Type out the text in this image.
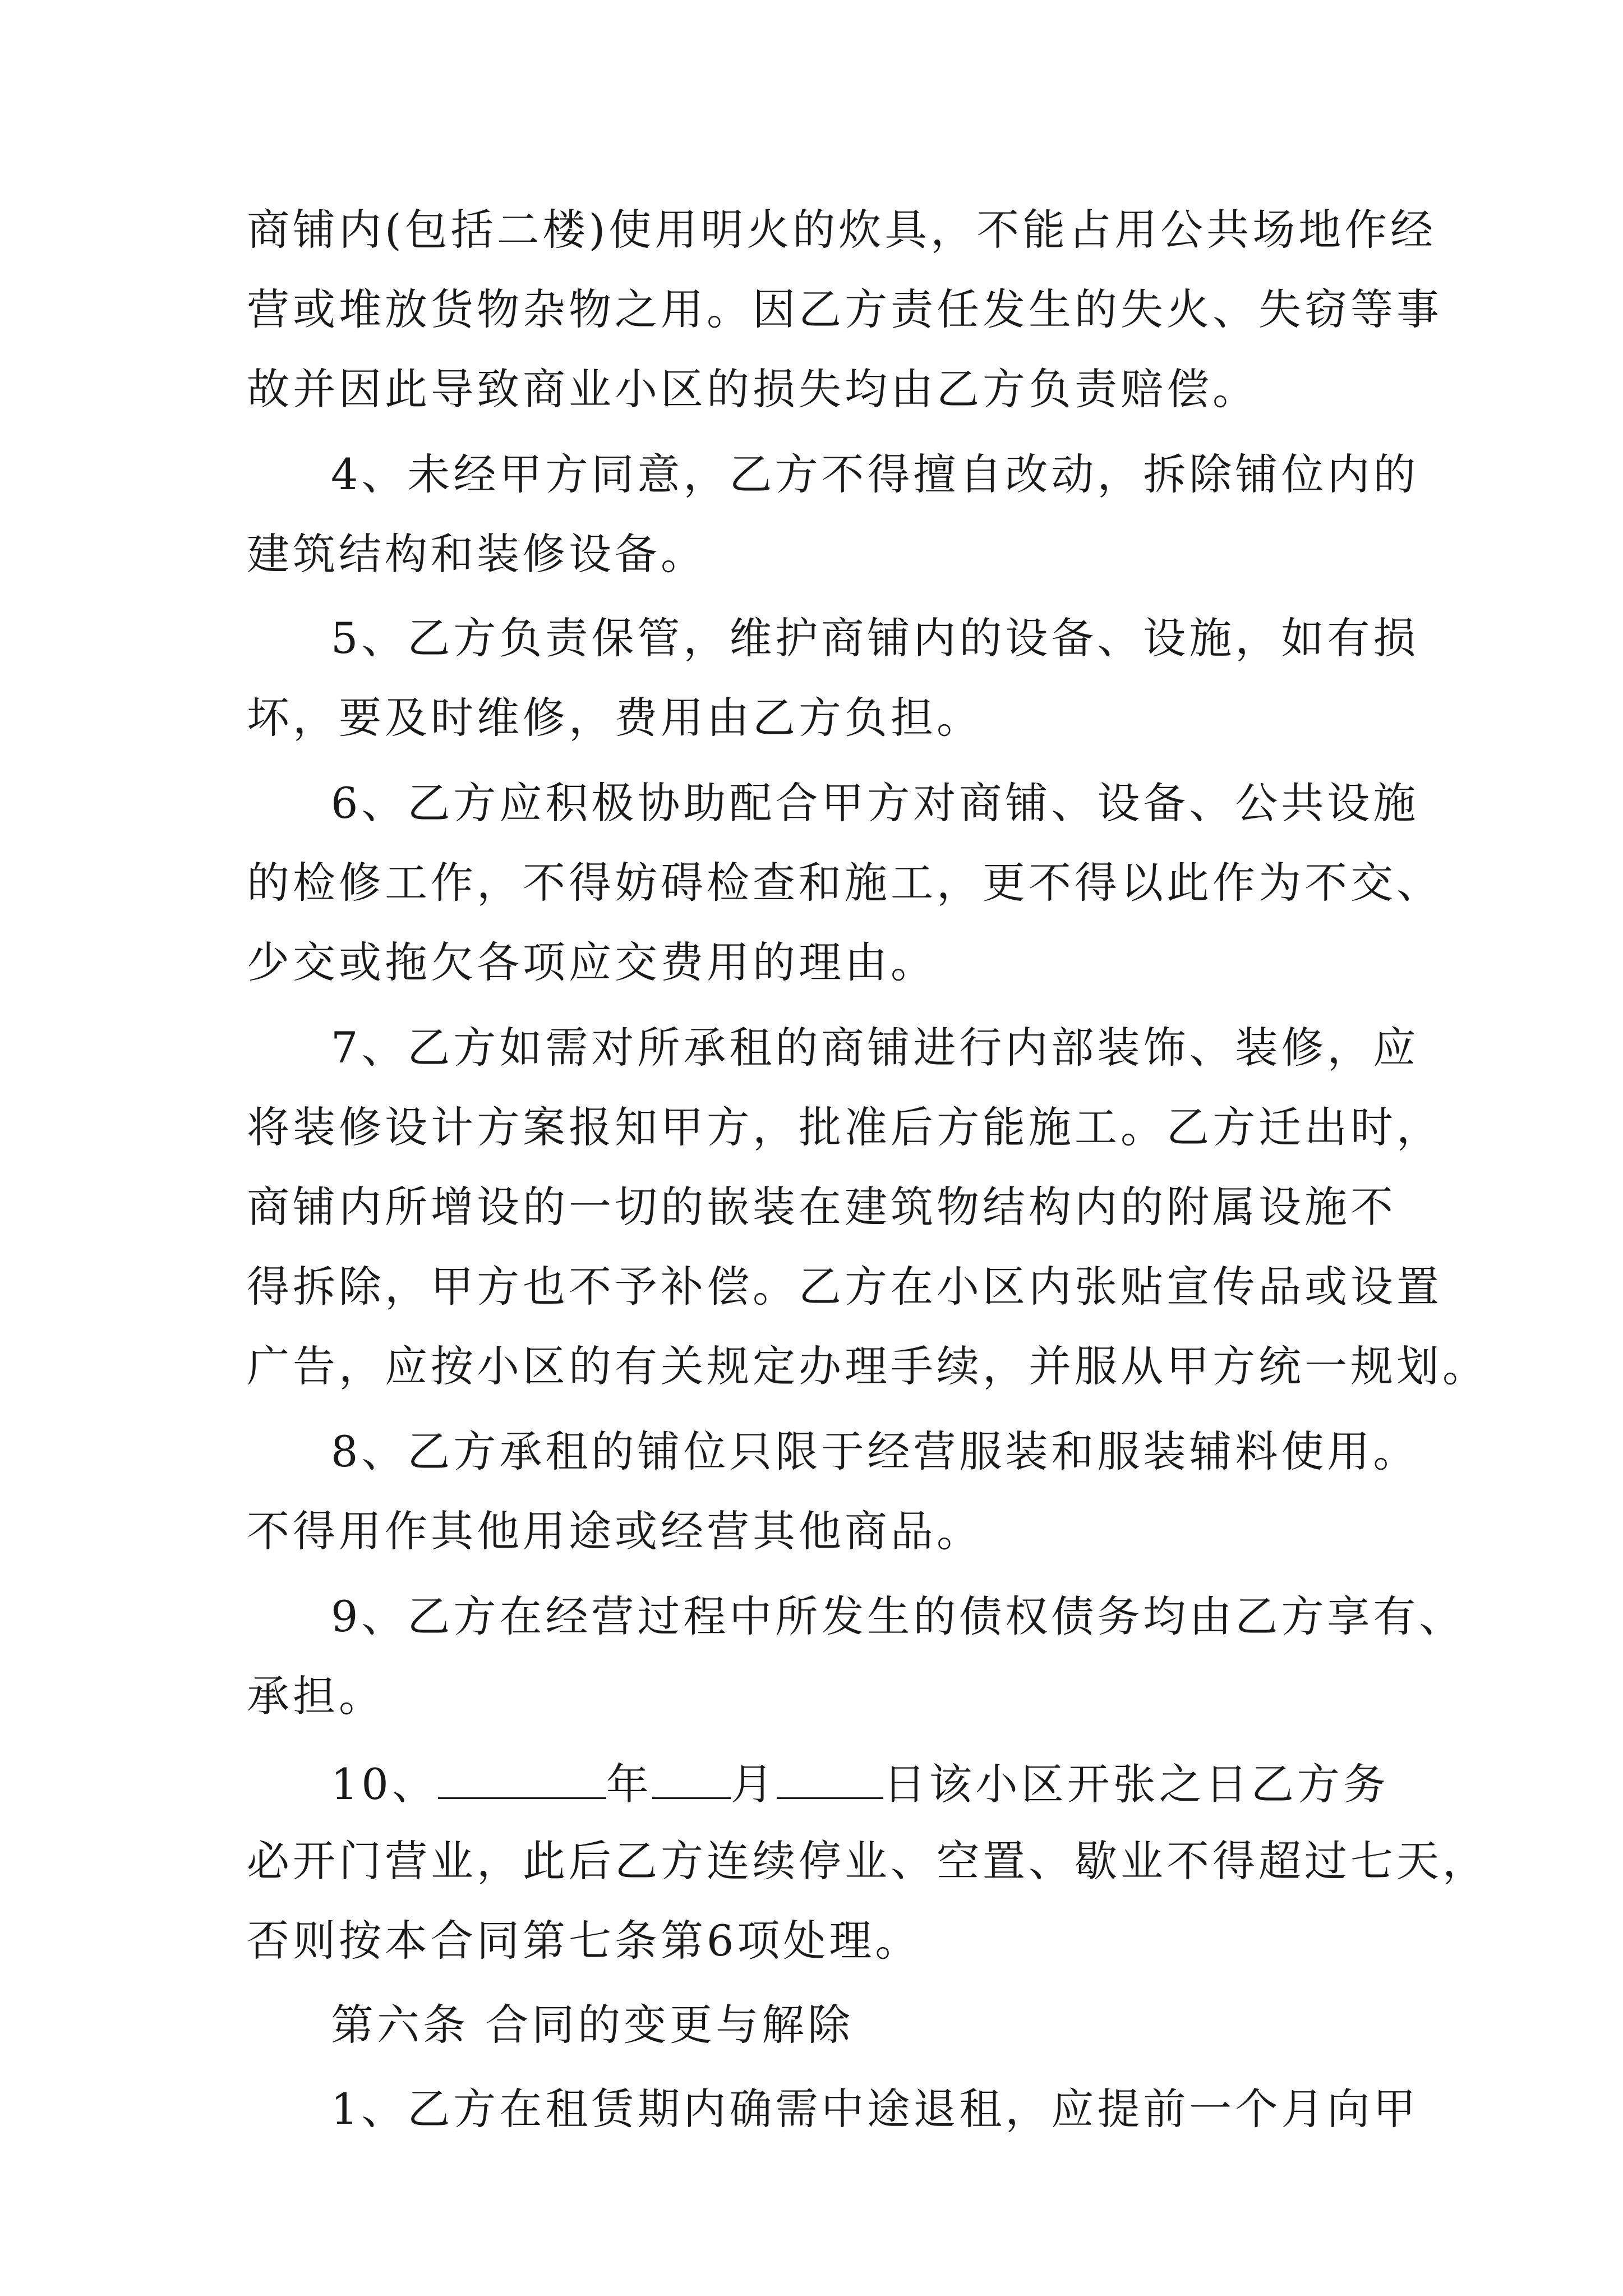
商铺内(包括二楼)使用明火的炊具，不能占用公共场地作经
营或堆放货物杂物之用。因乙方责任发生的失火、失窃等事
故并因此导致商业小区的损失均由乙方负责赔偿。
4、未经甲方同意，乙方不得擅自改动，拆除铺位内的
建筑结构和装修设备。
5、乙方负责保管，维护商铺内的设备、设施，如有损
坏，要及时维修，费用由乙方负担。
6、乙方应积极协助配合甲方对商铺、设备、公共设施
的检修工作，不得妨碍检查和施工，更不得以此作为不交、
少交或拖欠各项应交费用的理由。
7、乙方如需对所承租的商铺进行内部装饰、装修，应
将装修设计方案报知甲方，批准后方能施工。乙方迁出时，
商铺内所增设的一切的嵌装在建筑物结构内的附属设施不
得拆除，甲方也不予补偿。乙方在小区内张贴宣传品或设置
广告，应按小区的有关规定办理手续，并服从甲方统一规划。
8、乙方承租的铺位只限于经营服装和服装辅料使用。
不得用作其他用途或经营其他商品。
9、乙方在经营过程中所发生的债权债务均由乙方享有、
承担。
10、	年 月	日该小区开张之日乙方务
必开门营业，此后乙方连续停业、空置、歇业不得超过七天，
否则按本合同第七条第6项处理。
第六条 合同的变更与解除
1、乙方在租赁期内确需中途退租，应提前一个月向甲
